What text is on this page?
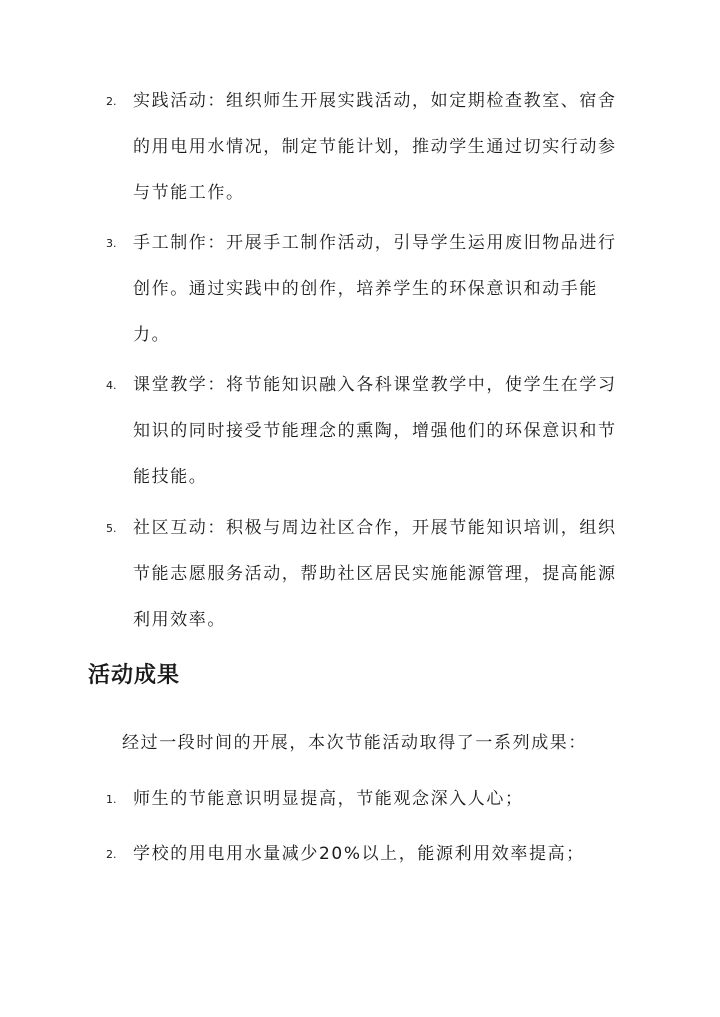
2. 实践活动：组织师生开展实践活动，如定期检查教室、宿舍的用电用水情况，制定节能计划，推动学生通过切实行动参与节能工作。
3. 手工制作：开展手工制作活动，引导学生运用废旧物品进行创作。通过实践中的创作，培养学生的环保意识和动手能力。
4. 课堂教学：将节能知识融入各科课堂教学中，使学生在学习知识的同时接受节能理念的熏陶，增强他们的环保意识和节能技能。
5. 社区互动：积极与周边社区合作，开展节能知识培训，组织节能志愿服务活动，帮助社区居民实施能源管理，提高能源利用效率。
活动成果
经过一段时间的开展，本次节能活动取得了一系列成果：
1. 师生的节能意识明显提高，节能观念深入人心；
2. 学校的用电用水量减少20%以上，能源利用效率提高；
